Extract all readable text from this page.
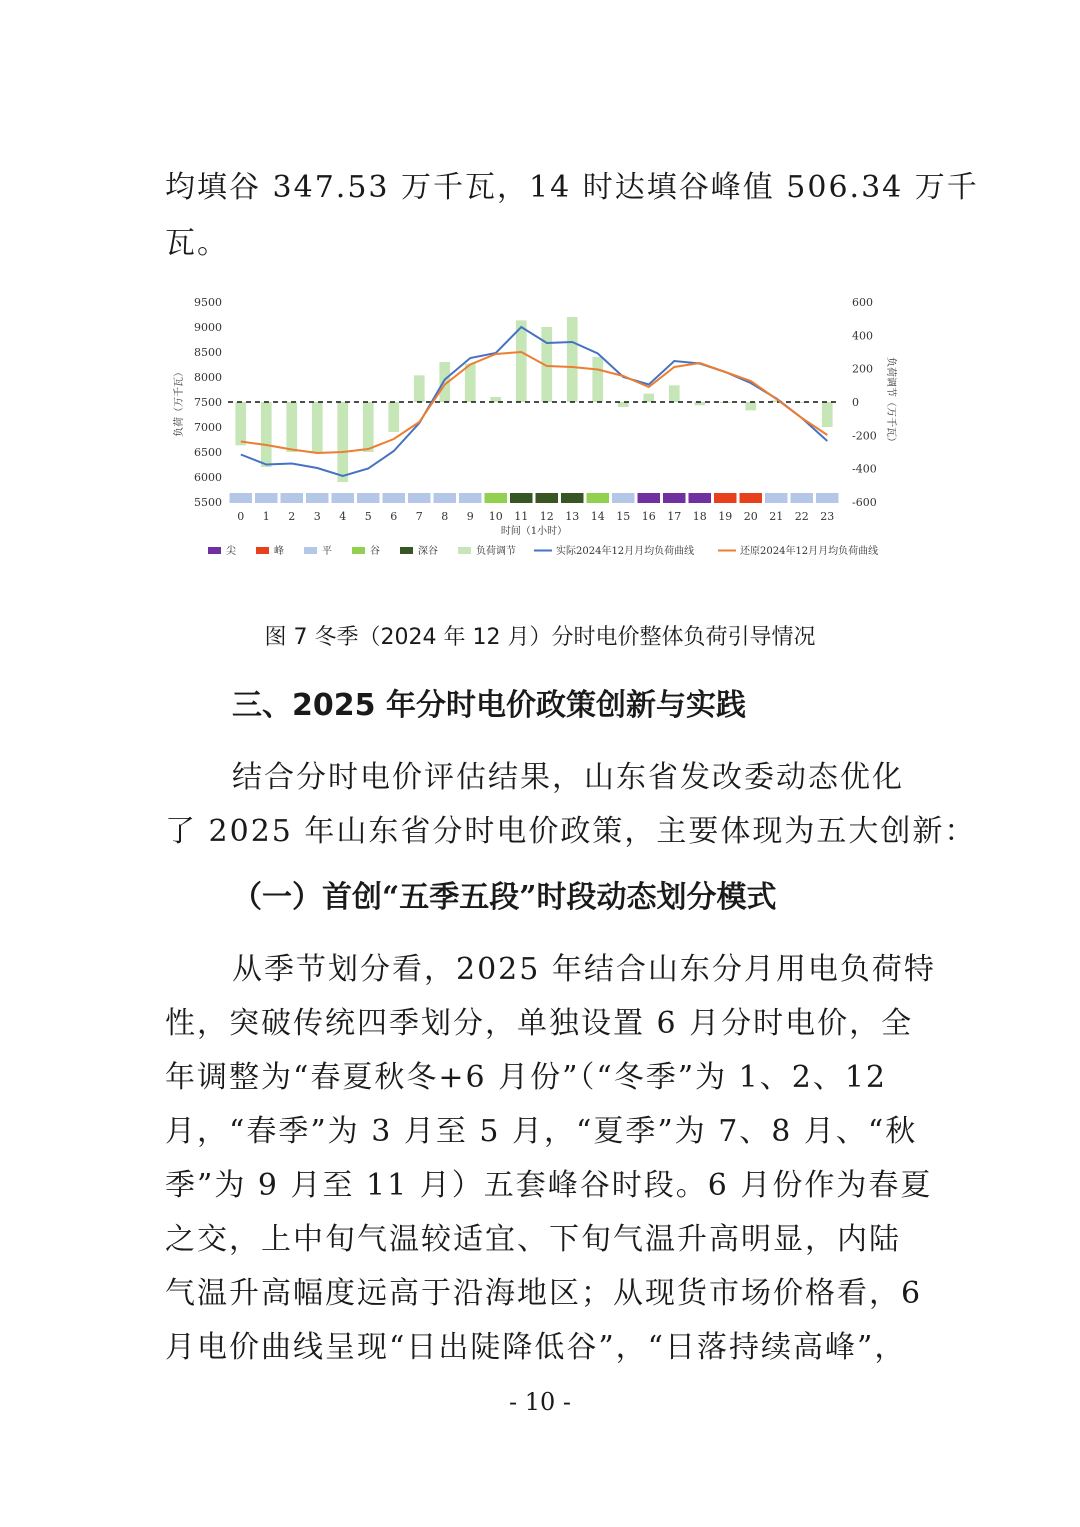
均填谷 347.53 万千瓦，14 时达填谷峰值 506.34 万千
瓦。
5500
6000
6500
7000
7500
8000
8500
9000
9500
-600
-400
-200
0
200
400
600
负荷（万千瓦）	负荷调节（万千瓦）
0 1 2 3 4 5 6 7 8 9 10 11 12 13 14 15 16 17 18 19 20 21 22 23
时间（1小时）
尖	峰	平	谷	深谷	负荷调节	实际2024年12月月均负荷曲线	还原2024年12月月均负荷曲线
图 7 冬季（2024 年 12 月）分时电价整体负荷引导情况
三、2025 年分时电价政策创新与实践
结合分时电价评估结果，山东省发改委动态优化
了 2025 年山东省分时电价政策，主要体现为五大创新：
（一）首创“五季五段”时段动态划分模式
从季节划分看，2025 年结合山东分月用电负荷特
性，突破传统四季划分，单独设置 6 月分时电价，全
年调整为“春夏秋冬+6 月份”（“冬季”为 1、2、12
月，“春季”为 3 月至 5 月，“夏季”为 7、8 月、“秋
季”为 9 月至 11 月）五套峰谷时段。6 月份作为春夏
之交，上中旬气温较适宜、下旬气温升高明显，内陆
气温升高幅度远高于沿海地区；从现货市场价格看，6
月电价曲线呈现“日出陡降低谷”，“日落持续高峰”，
- 10 -
